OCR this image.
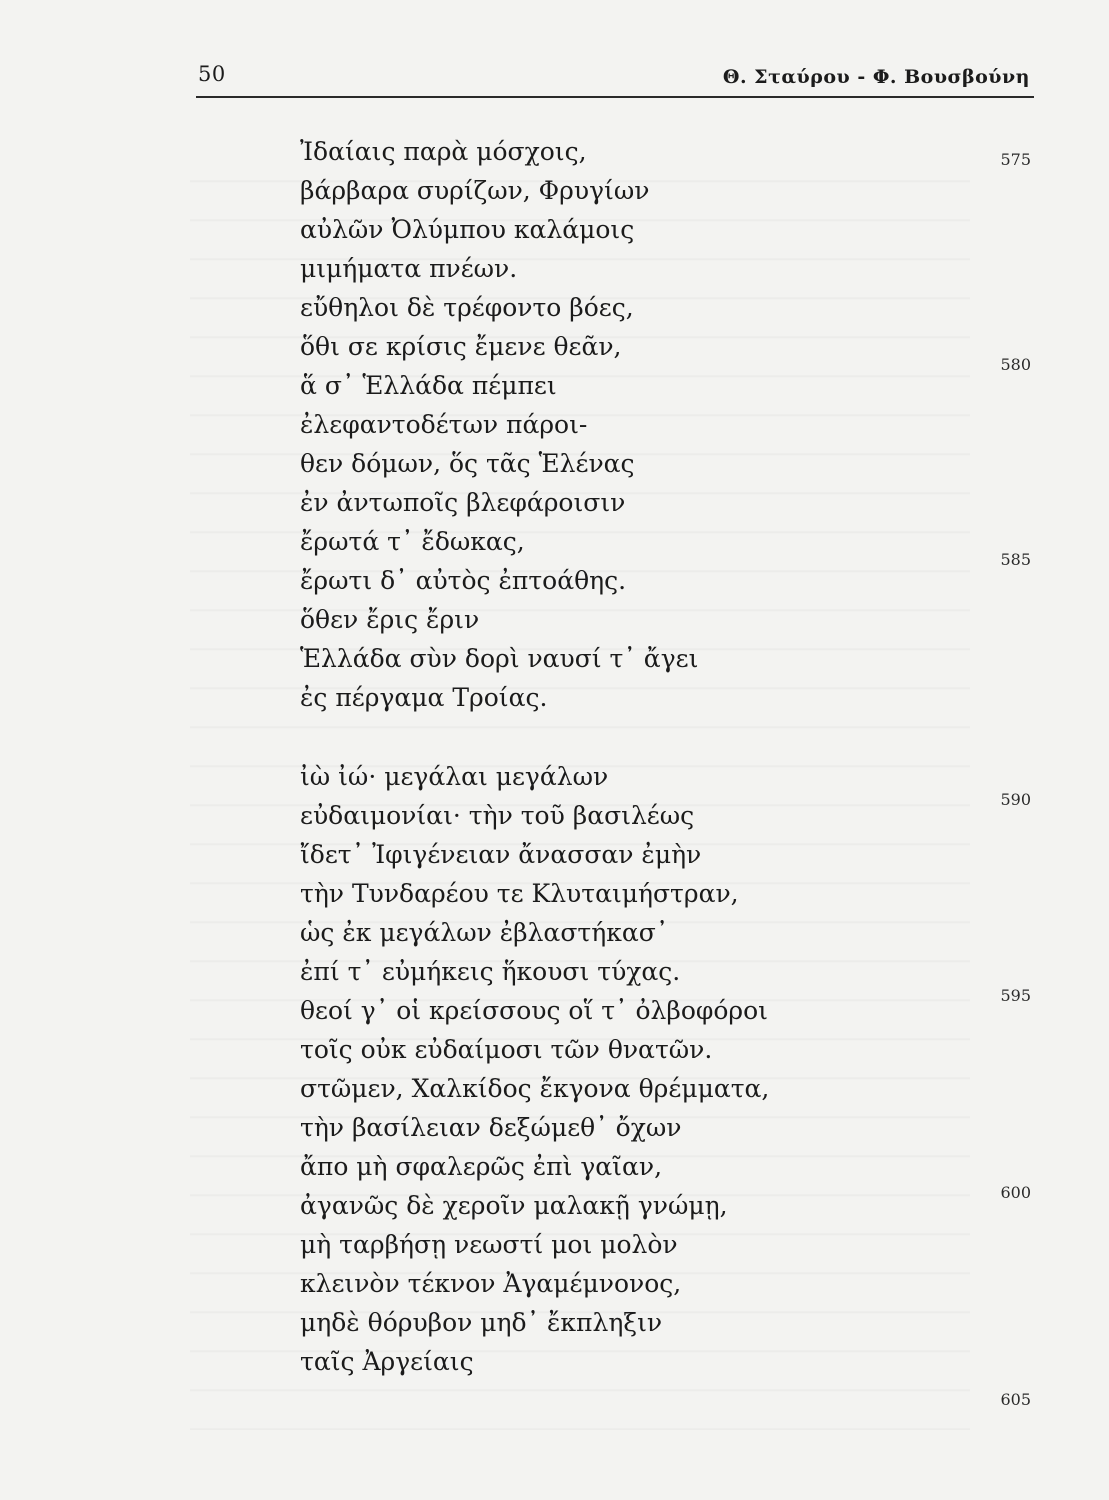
50	Θ. Σταύρου - Φ. Βουσβούνη
Ἰδαίαις παρὰ μόσχοις,
βάρβαρα συρίζων, Φρυγίων
αὐλῶν Ὀλύμπου καλάμοις
μιμήματα πνέων.
εὔθηλοι δὲ τρέφοντο βόες,
ὅθι σε κρίσις ἔμενε θεᾶν,
ἅ σ᾽ Ἑλλάδα πέμπει
ἐλεφαντοδέτων πάροι-
θεν δόμων, ὅς τᾶς Ἑλένας
ἐν ἀντωποῖς βλεφάροισιν
ἔρωτά τ᾽ ἔδωκας,
ἔρωτι δ᾽ αὐτὸς ἐπτοάθης.
ὅθεν ἔρις ἔριν
Ἑλλάδα σὺν δορὶ ναυσί τ᾽ ἄγει
ἐς πέργαμα Τροίας.
ἰὼ ἰώ· μεγάλαι μεγάλων
εὐδαιμονίαι· τὴν τοῦ βασιλέως
ἴδετ᾽ Ἰφιγένειαν ἄνασσαν ἐμὴν
τὴν Τυνδαρέου τε Κλυταιμήστραν,
ὡς ἐκ μεγάλων ἐβλαστήκασ᾽
ἐπί τ᾽ εὐμήκεις ἥκουσι τύχας.
θεοί γ᾽ οἱ κρείσσους οἵ τ᾽ ὀλβοφόροι
τοῖς οὐκ εὐδαίμοσι τῶν θνατῶν.
στῶμεν, Χαλκίδος ἔκγονα θρέμματα,
τὴν βασίλειαν δεξώμεθ᾽ ὄχων
ἄπο μὴ σφαλερῶς ἐπὶ γαῖαν,
ἀγανῶς δὲ χεροῖν μαλακῇ γνώμῃ,
μὴ ταρβήσῃ νεωστί μοι μολὸν
κλεινὸν τέκνον Ἀγαμέμνονος,
μηδὲ θόρυβον μηδ᾽ ἔκπληξιν
ταῖς Ἀργείαις
575
580
585
590
595
600
605
